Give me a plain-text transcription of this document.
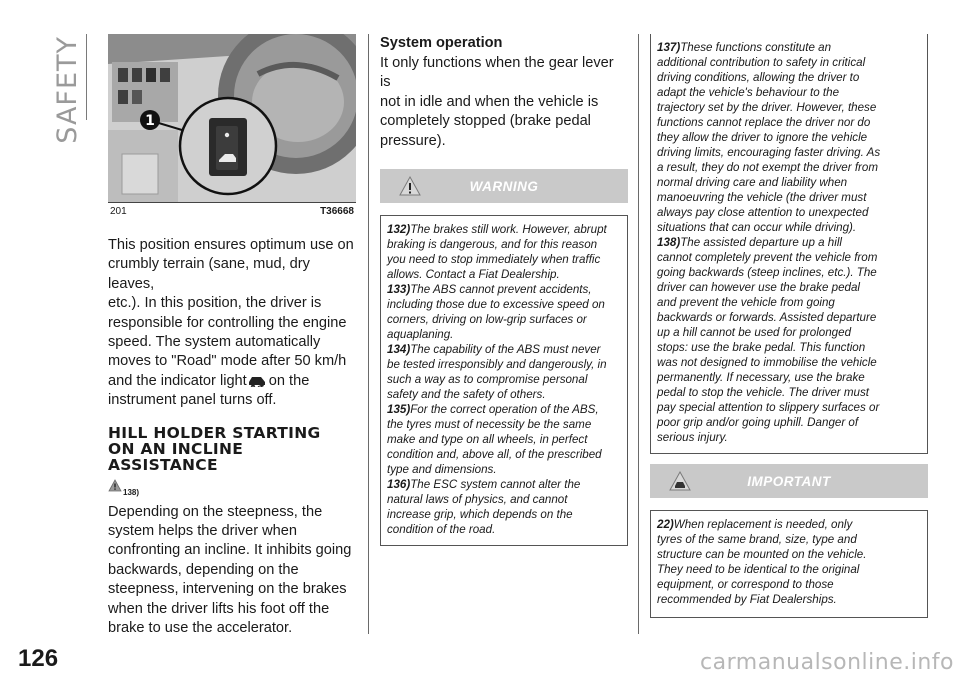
SAFETY
126	carmanualsonline.info
1
201	T36668

This position ensures optimum use on
crumbly terrain (sane, mud, dry leaves,
etc.). In this position, the driver is
responsible for controlling the engine
speed. The system automatically
moves to "Road" mode after 50 km/h
and the indicator light on the
instrument panel turns off.

HILL HOLDER STARTING
ON AN INCLINE
ASSISTANCE
138)

Depending on the steepness, the
system helps the driver when
confronting an incline. It inhibits going
backwards, depending on the
steepness, intervening on the brakes
when the driver lifts his foot off the
brake to use the accelerator.

System operation

It only functions when the gear lever is
not in idle and when the vehicle is
completely stopped (brake pedal
pressure).

WARNING

132)The brakes still work. However, abrupt
braking is dangerous, and for this reason
you need to stop immediately when traffic
allows. Contact a Fiat Dealership.

133)The ABS cannot prevent accidents,
including those due to excessive speed on
corners, driving on low-grip surfaces or
aquaplaning.

134)The capability of the ABS must never
be tested irresponsibly and dangerously, in
such a way as to compromise personal
safety and the safety of others.

135)For the correct operation of the ABS,
the tyres must of necessity be the same
make and type on all wheels, in perfect
condition and, above all, of the prescribed
type and dimensions.

136)The ESC system cannot alter the
natural laws of physics, and cannot
increase grip, which depends on the
condition of the road.

137)These functions constitute an
additional contribution to safety in critical
driving conditions, allowing the driver to
adapt the vehicle's behaviour to the
trajectory set by the driver. However, these
functions cannot replace the driver nor do
they allow the driver to ignore the vehicle
driving limits, encouraging faster driving. As
a result, they do not exempt the driver from
normal driving care and liability when
manoeuvring the vehicle (the driver must
always pay close attention to unexpected
situations that can occur while driving).

138)The assisted departure up a hill
cannot completely prevent the vehicle from
going backwards (steep inclines, etc.). The
driver can however use the brake pedal
and prevent the vehicle from going
backwards or forwards. Assisted departure
up a hill cannot be used for prolonged
stops: use the brake pedal. This function
was not designed to immobilise the vehicle
permanently. If necessary, use the brake
pedal to stop the vehicle. The driver must
pay special attention to slippery surfaces or
poor grip and/or going uphill. Danger of
serious injury.

IMPORTANT

22)When replacement is needed, only
tyres of the same brand, size, type and
structure can be mounted on the vehicle.
They need to be identical to the original
equipment, or correspond to those
recommended by Fiat Dealerships.
